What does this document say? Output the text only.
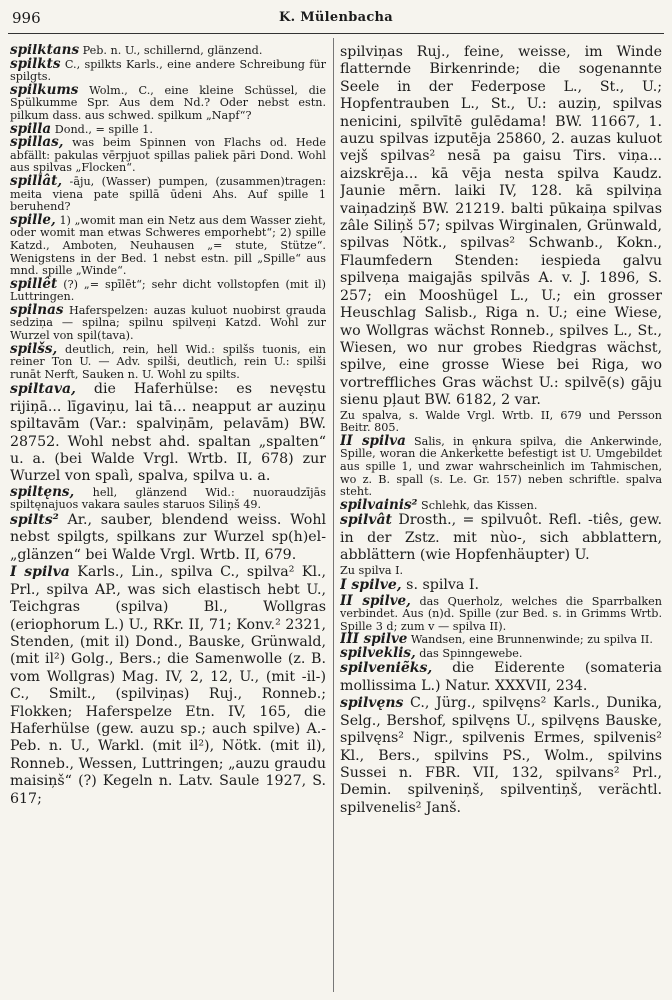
996	K. Mülenbacha

spilktans Peb. n. U., schillernd, glänzend.

spilkts C., spilkts Karls., eine andere Schreibung für spilgts.

spilkums Wolm., C., eine kleine Schüssel, die Spülkumme Spr. Aus dem Nd.? Oder nebst estn. pilkum dass. aus schwed. spilkum „Napf“?

spilla Dond., = spille 1.

spillas, was beim Spinnen von Flachs od. Hede abfällt: pakulas vērpjuot spillas paliek pāri Dond. Wohl aus spilvas „Flocken“.

spillât, -āju, (Wasser) pumpen, (zusammen)tragen: meita viena pate spillā ūdeni Ahs. Auf spille 1 beruhend?

spille, 1) „womit man ein Netz aus dem Wasser zieht, oder womit man etwas Schweres emporhebt“; 2) spille Katzd., Amboten, Neuhausen „= stute, Stütze“. Wenigstens in der Bed. 1 nebst estn. pill „Spille“ aus mnd. spille „Winde“.

spillêt (?) „= spīlēt“; sehr dicht vollstopfen (mit il) Luttringen.

spilnas Haferspelzen: auzas kuluot nuobirst grauda sedziņa — spilna; spilnu spilveņi Katzd. Wohl zur Wurzel von spil(tava).

spilšs, deutlich, rein, hell Wid.: spilšs tuonis, ein reiner Ton U. — Adv. spilši, deutlich, rein U.: spilši runāt Nerft, Sauken n. U. Wohl zu spilts.

spiltava, die Haferhülse: es nevęstu rijiņā... līgaviņu, lai tā... neapput ar auziņu spiltavām (Var.: spalviņām, pelavām) BW. 28752. Wohl nebst ahd. spaltan „spalten“ u. a. (bei Walde Vrgl. Wrtb. II, 678) zur Wurzel von spalì, spalva, spilva u. a.

spiltęns, hell, glänzend Wid.: nuoraudzījās spiltęnajuos vakara saules staruos Siliņš 49.

spilts² Ar., sauber, blendend weiss. Wohl nebst spilgts, spilkans zur Wurzel sp(h)el- „glänzen“ bei Walde Vrgl. Wrtb. II, 679.

I spilva Karls., Lin., spilva C., spilva² Kl., Prl., spilva AP., was sich elastisch hebt U., Teichgras (spilva) Bl., Wollgras (eriophorum L.) U., RKr. II, 71; Konv.² 2321, Stenden, (mit il) Dond., Bauske, Grünwald, (mit il²) Golg., Bers.; die Samenwolle (z. B. vom Wollgras) Mag. IV, 2, 12, U., (mit -il-) C., Smilt., (spilviņas) Ruj., Ronneb.; Flokken; Haferspelze Etn. IV, 165, die Haferhülse (gew. auzu sp.; auch spilve) A.-Peb. n. U., Warkl. (mit il²), Nötk. (mit il), Ronneb., Wessen, Luttringen; „auzu graudu maisiņš“ (?) Kegeln n. Latv. Saule 1927, S. 617;

spilviņas Ruj., feine, weisse, im Winde flatternde Birkenrinde; die sogenannte Seele in der Federpose L., St., U.; Hopfentrauben L., St., U.: auziņ, spilvas nenicini, spilvītē gulēdama! BW. 11667, 1. auzu spilvas izputēja 25860, 2. auzas kuluot vejš spilvas² nesā pa gaisu Tirs. viņa... aizskrēja... kā vēja nesta spilva Kaudz. Jaunie mērn. laiki IV, 128. kā spilviņa vaiņadziņš BW. 21219. balti pūkaiņa spilvas zâle Siliņš 57; spilvas Wirginalen, Grünwald, spilvas Nötk., spilvas² Schwanb., Kokn., Flaumfedern Stenden: iespieda galvu spilveņa maigajās spilvās A. v. J. 1896, S. 257; ein Mooshügel L., U.; ein grosser Heuschlag Salisb., Riga n. U.; eine Wiese, wo Wollgras wächst Ronneb., spilves L., St., Wiesen, wo nur grobes Riedgras wächst, spilve, eine grosse Wiese bei Riga, wo vortreffliches Gras wächst U.: spilvē(s) gāju sienu pļaut BW. 6182, 2 var.

Zu spalva, s. Walde Vrgl. Wrtb. II, 679 und Persson Beitr. 805.

II spilva Salis, in ęnkura spilva, die Ankerwinde, Spille, woran die Ankerkette befestigt ist U. Umgebildet aus spille 1, und zwar wahrscheinlich im Tahmischen, wo z. B. spall (s. Le. Gr. 157) neben schriftle. spalva steht.

spilvainis² Schlehk, das Kissen.

spilvât Drosth., = spilvuôt. Refl. -tiês, gew. in der Zstz. mit nùo-, sich abblattern, abblättern (wie Hopfenhäupter) U.

Zu spilva I.

I spilve, s. spilva I.

II spilve, das Querholz, welches die Sparrbalken verbindet. Aus (n)d. Spille (zur Bed. s. in Grimms Wrtb. Spille 3 d; zum v — spilva II).

III spilve Wandsen, eine Brunnenwinde; zu spilva II.

spilveklis, das Spinngewebe.

spilveniẽks, die Eiderente (somateria mollissima L.) Natur. XXXVII, 234.

spilvęns C., Jürg., spilvęns² Karls., Dunika, Selg., Bershof, spilvęns U., spilvęns Bauske, spilvęns² Nigr., spilvenis Ermes, spilvenis² Kl., Bers., spilvins PS., Wolm., spilvins Sussei n. FBR. VII, 132, spilvans² Prl., Demin. spilveniņš, spilventiņš, verächtl. spilvenelis² Janš.
